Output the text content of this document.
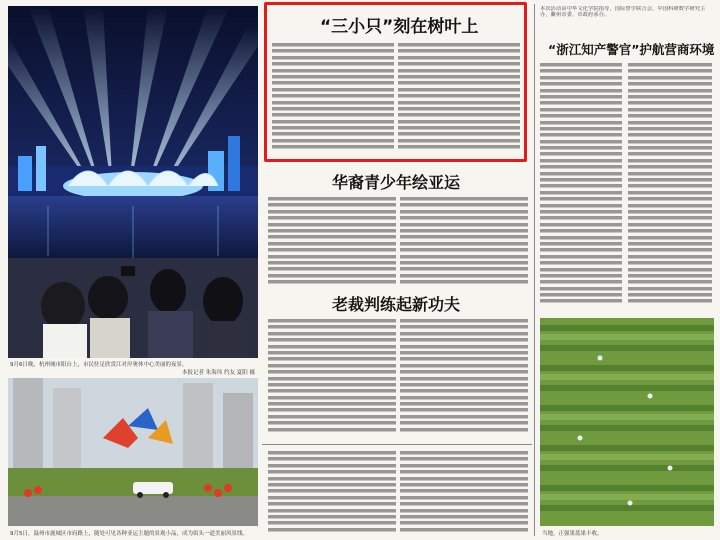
9月6日晚，杭州城市阳台上，市民驻足欣赏江对岸奥体中心美丽的夜景。
本报记者 朱海伟 约友 夏阳 摄
9月5日，温州市鹿城区市府路上，随处可见各种亚运主题的景观小品，成为街头一道美丽风景线。
“三小只”刻在树叶上
华裔青少年绘亚运
老裁判练起新功夫
本次活动由中华文化学院指导，国际警学联合会，中国科研数学研究主办，衢州市委、市政府承办。
“浙江知产警官”护航营商环境
当地，正强果蓝果丰收。
